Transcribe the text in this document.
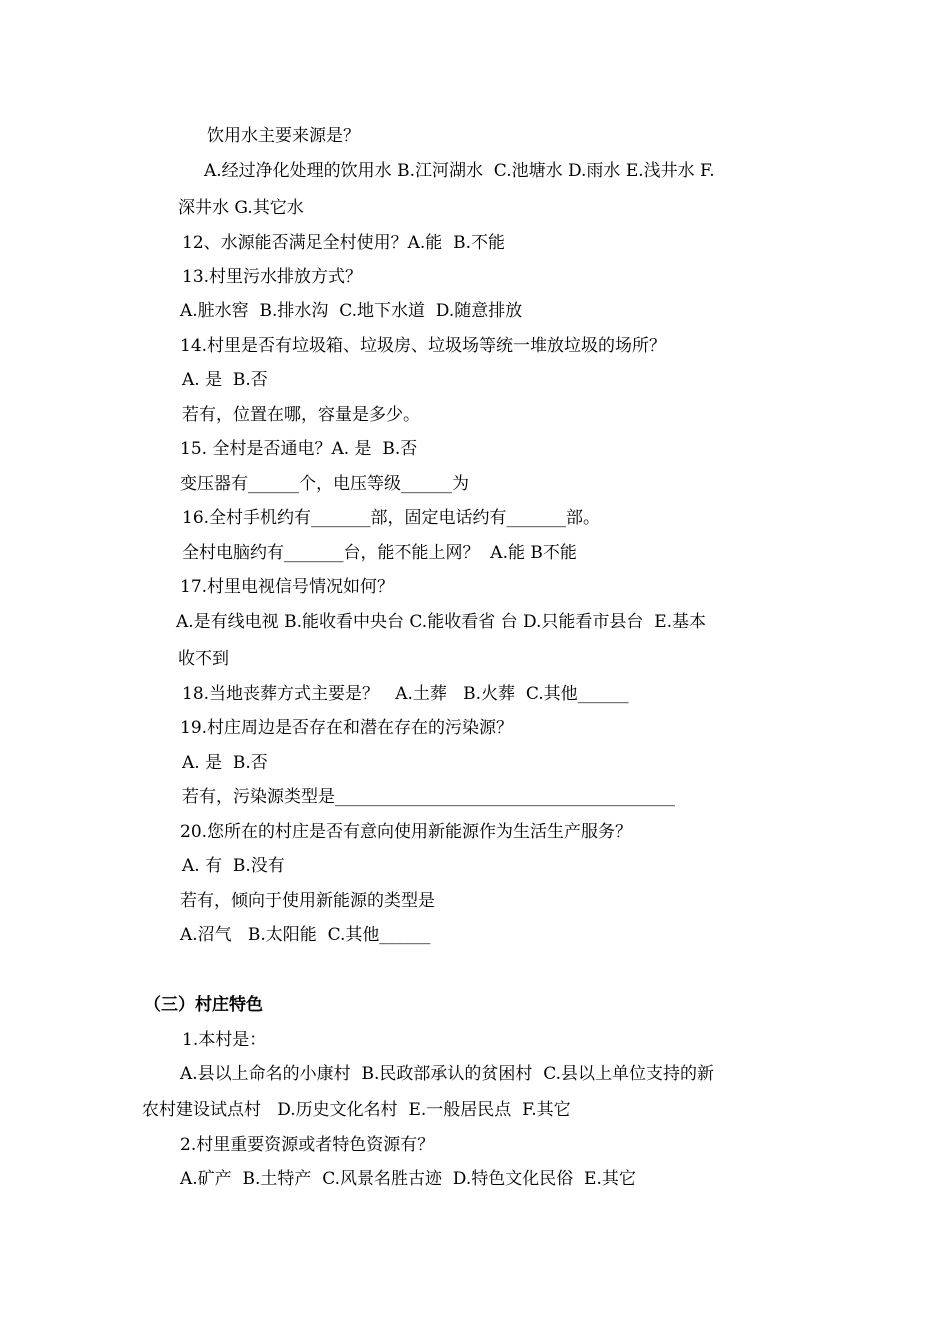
饮用水主要来源是？
A.经过净化处理的饮用水 B.江河湖水  C.池塘水 D.雨水 E.浅井水 F.
深井水 G.其它水
12、水源能否满足全村使用？A.能  B.不能
13.村里污水排放方式？
A.脏水窖  B.排水沟  C.地下水道  D.随意排放
14.村里是否有垃圾箱、垃圾房、垃圾场等统一堆放垃圾的场所？
A. 是  B.否
若有，位置在哪，容量是多少。
15. 全村是否通电？A. 是  B.否
变压器有______个，电压等级______为
16.全村手机约有_______部，固定电话约有_______部。
全村电脑约有_______台，能不能上网？  A.能 B不能
17.村里电视信号情况如何？
A.是有线电视 B.能收看中央台 C.能收看省 台 D.只能看市县台  E.基本
收不到
18.当地丧葬方式主要是？   A.土葬   B.火葬  C.其他______
19.村庄周边是否存在和潜在存在的污染源？
A. 是  B.否
若有，污染源类型是________________________________________
20.您所在的村庄是否有意向使用新能源作为生活生产服务？
A. 有  B.没有
若有，倾向于使用新能源的类型是
A.沼气   B.太阳能  C.其他______
（三）村庄特色
1.本村是：
A.县以上命名的小康村  B.民政部承认的贫困村  C.县以上单位支持的新
农村建设试点村   D.历史文化名村  E.一般居民点  F.其它
2.村里重要资源或者特色资源有？
A.矿产  B.土特产  C.风景名胜古迹  D.特色文化民俗  E.其它
